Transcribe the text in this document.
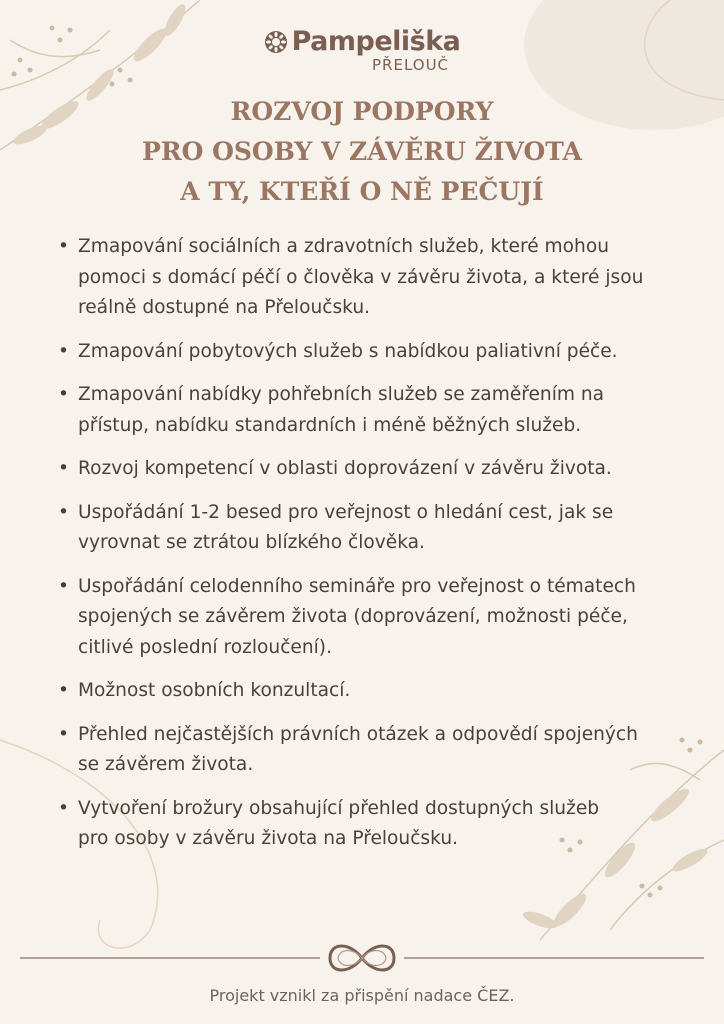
Pampeliška
PŘELOUČ
ROZVOJ PODPORY
PRO OSOBY V ZÁVĚRU ŽIVOTA
A TY, KTEŘÍ O NĚ PEČUJÍ
• Zmapování sociálních a zdravotních služeb, které mohou
pomoci s domácí péčí o člověka v závěru života, a které jsou
reálně dostupné na Přeloučsku.
• Zmapování pobytových služeb s nabídkou paliativní péče.
• Zmapování nabídky pohřebních služeb se zaměřením na
přístup, nabídku standardních i méně běžných služeb.
• Rozvoj kompetencí v oblasti doprovázení v závěru života.
• Uspořádání 1-2 besed pro veřejnost o hledání cest, jak se
vyrovnat se ztrátou blízkého člověka.
• Uspořádání celodenního semináře pro veřejnost o tématech
spojených se závěrem života (doprovázení, možnosti péče,
citlivé poslední rozloučení).
• Možnost osobních konzultací.
• Přehled nejčastějších právních otázek a odpovědí spojených
se závěrem života.
• Vytvoření brožury obsahující přehled dostupných služeb
pro osoby v závěru života na Přeloučsku.
Projekt vznikl za přispění nadace ČEZ.
